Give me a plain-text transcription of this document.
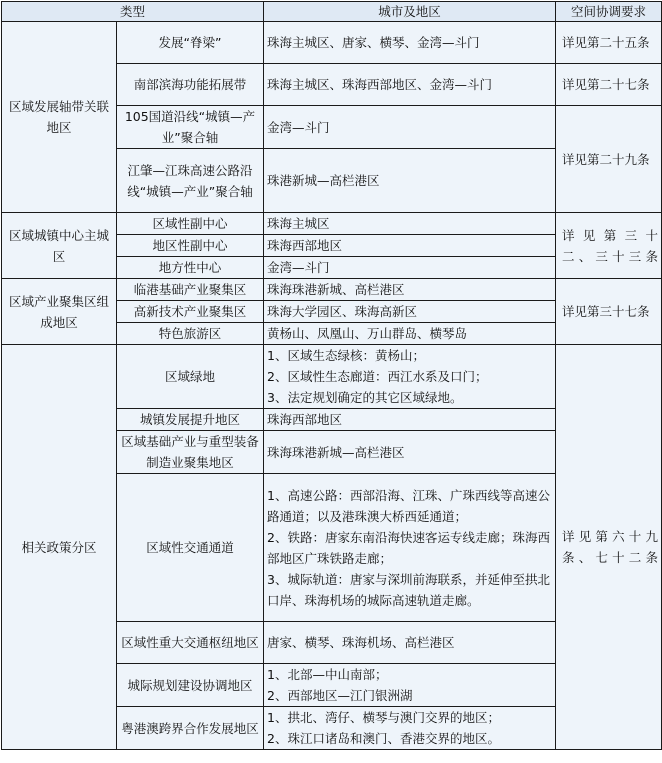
类型		城市及地区	空间协调要求
区域发展轴带关联地区	发展“脊梁”	珠海主城区、唐家、横琴、金湾—斗门	详见第二十五条
	南部滨海功能拓展带	珠海主城区、珠海西部地区、金湾—斗门	详见第二十七条
	105国道沿线“城镇—产业”聚合轴	金湾—斗门	详见第二十九条
	江肇—江珠高速公路沿线“城镇—产业”聚合轴	珠港新城—高栏港区	
区域城镇中心主城区	区域性副中心	珠海主城区	详 见 第 三 十 二、三十三条
	地区性副中心	珠海西部地区	
	地方性中心	金湾—斗门	
区域产业聚集区组成地区	临港基础产业聚集区	珠海珠港新城、高栏港区	详见第三十七条
	高新技术产业聚集区	珠海大学园区、珠海高新区	
	特色旅游区	黄杨山、凤凰山、万山群岛、横琴岛	
相关政策分区	区域绿地	1、区域生态绿核：黄杨山；
2、区域性生态廊道：西江水系及口门；
3、法定规划确定的其它区域绿地。	详 见 第 六 十 九条、七十二条
	城镇发展提升地区	珠海西部地区	

	区域基础产业与重型装备制造业聚集地区	珠海珠港新城—高栏港区	

	区域性交通通道	1、高速公路：西部沿海、江珠、广珠西线等高速公路通道；以及港珠澳大桥西延通道；
2、铁路：唐家东南沿海快速客运专线走廊；珠海西部地区广珠铁路走廊；
3、城际轨道：唐家与深圳前海联系，并延伸至拱北口岸、珠海机场的城际高速轨道走廊。	

	区域性重大交通枢纽地区	唐家、横琴、珠海机场、高栏港区	

	城际规划建设协调地区	1、北部—中山南部；
2、西部地区—江门银洲湖	

	粤港澳跨界合作发展地区	1、拱北、湾仔、横琴与澳门交界的地区；
2、珠江口诸岛和澳门、香港交界的地区。	
